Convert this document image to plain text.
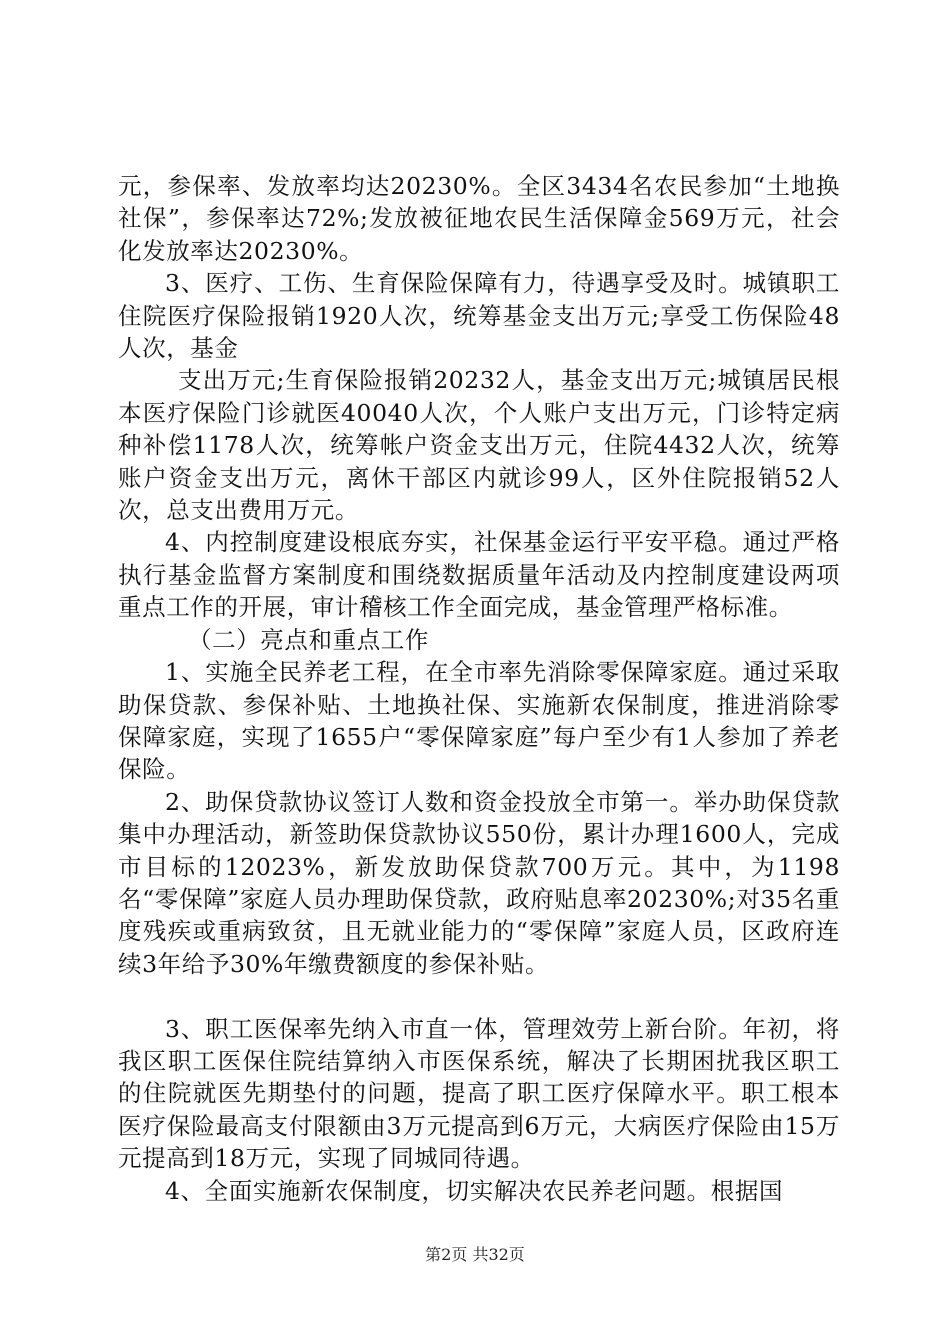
元，参保率、发放率均达20230%。全区3434名农民参加“土地换社保”，参保率达72%;发放被征地农民生活保障金569万元，社会化发放率达20230%。

3、医疗、工伤、生育保险保障有力，待遇享受及时。城镇职工住院医疗保险报销1920人次，统筹基金支出万元;享受工伤保险48人次，基金

支出万元;生育保险报销20232人，基金支出万元;城镇居民根本医疗保险门诊就医40040人次，个人账户支出万元，门诊特定病种补偿1178人次，统筹帐户资金支出万元，住院4432人次，统筹账户资金支出万元，离休干部区内就诊99人，区外住院报销52人次，总支出费用万元。

4、内控制度建设根底夯实，社保基金运行平安平稳。通过严格执行基金监督方案制度和围绕数据质量年活动及内控制度建设两项重点工作的开展，审计稽核工作全面完成，基金管理严格标准。

（二）亮点和重点工作

1、实施全民养老工程，在全市率先消除零保障家庭。通过采取助保贷款、参保补贴、土地换社保、实施新农保制度，推进消除零保障家庭，实现了1655户“零保障家庭”每户至少有1人参加了养老保险。

2、助保贷款协议签订人数和资金投放全市第一。举办助保贷款集中办理活动，新签助保贷款协议550份，累计办理1600人，完成市目标的12023%，新发放助保贷款700万元。其中，为1198名“零保障”家庭人员办理助保贷款，政府贴息率20230%;对35名重度残疾或重病致贫，且无就业能力的“零保障”家庭人员，区政府连续3年给予30%年缴费额度的参保补贴。

3、职工医保率先纳入市直一体，管理效劳上新台阶。年初，将我区职工医保住院结算纳入市医保系统，解决了长期困扰我区职工的住院就医先期垫付的问题，提高了职工医疗保障水平。职工根本医疗保险最高支付限额由3万元提高到6万元，大病医疗保险由15万元提高到18万元，实现了同城同待遇。

4、全面实施新农保制度，切实解决农民养老问题。根据国

第2页 共32页
